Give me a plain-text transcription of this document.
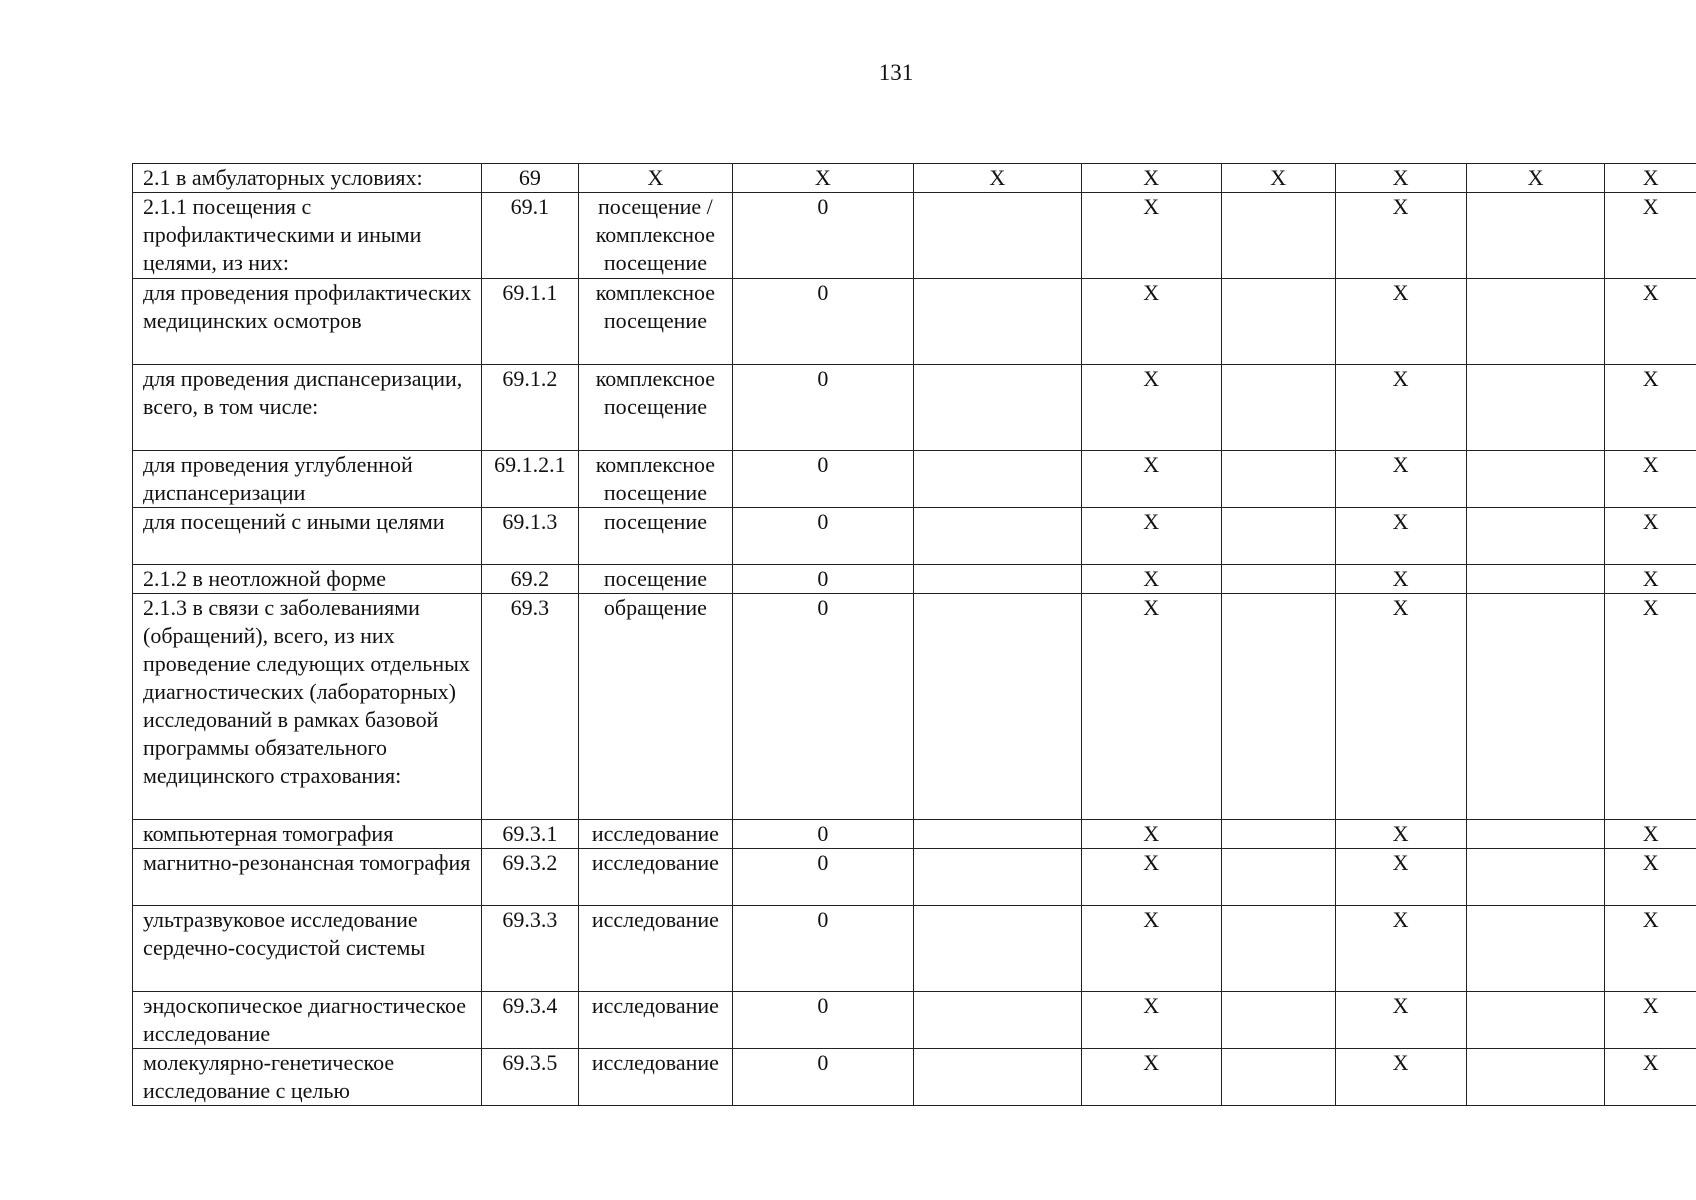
131
2.1 в амбулаторных условиях:	69	X	X	X	X	X	X	X	X
2.1.1 посещения с профилактическими и иными целями, из них:	69.1	посещение / комплексное посещение	0		X		X		X
для проведения профилактических медицинских осмотров	69.1.1	комплексное посещение	0		X		X		X
для проведения диспансеризации, всего, в том числе:	69.1.2	комплексное посещение	0		X		X		X
для проведения углубленной диспансеризации	69.1.2.1	комплексное посещение	0		X		X		X
для посещений с иными целями	69.1.3	посещение	0		X		X		X
2.1.2 в неотложной форме	69.2	посещение	0		X		X		X
2.1.3 в связи с заболеваниями (обращений), всего, из них проведение следующих отдельных диагностических (лабораторных) исследований в рамках базовой программы обязательного медицинского страхования:	69.3	обращение	0		X		X		X
компьютерная томография	69.3.1	исследование	0		X		X		X
магнитно-резонансная томография	69.3.2	исследование	0		X		X		X
ультразвуковое исследование сердечно-сосудистой системы	69.3.3	исследование	0		X		X		X
эндоскопическое диагностическое исследование	69.3.4	исследование	0		X		X		X
молекулярно-генетическое исследование с целью	69.3.5	исследование	0		X		X		X
